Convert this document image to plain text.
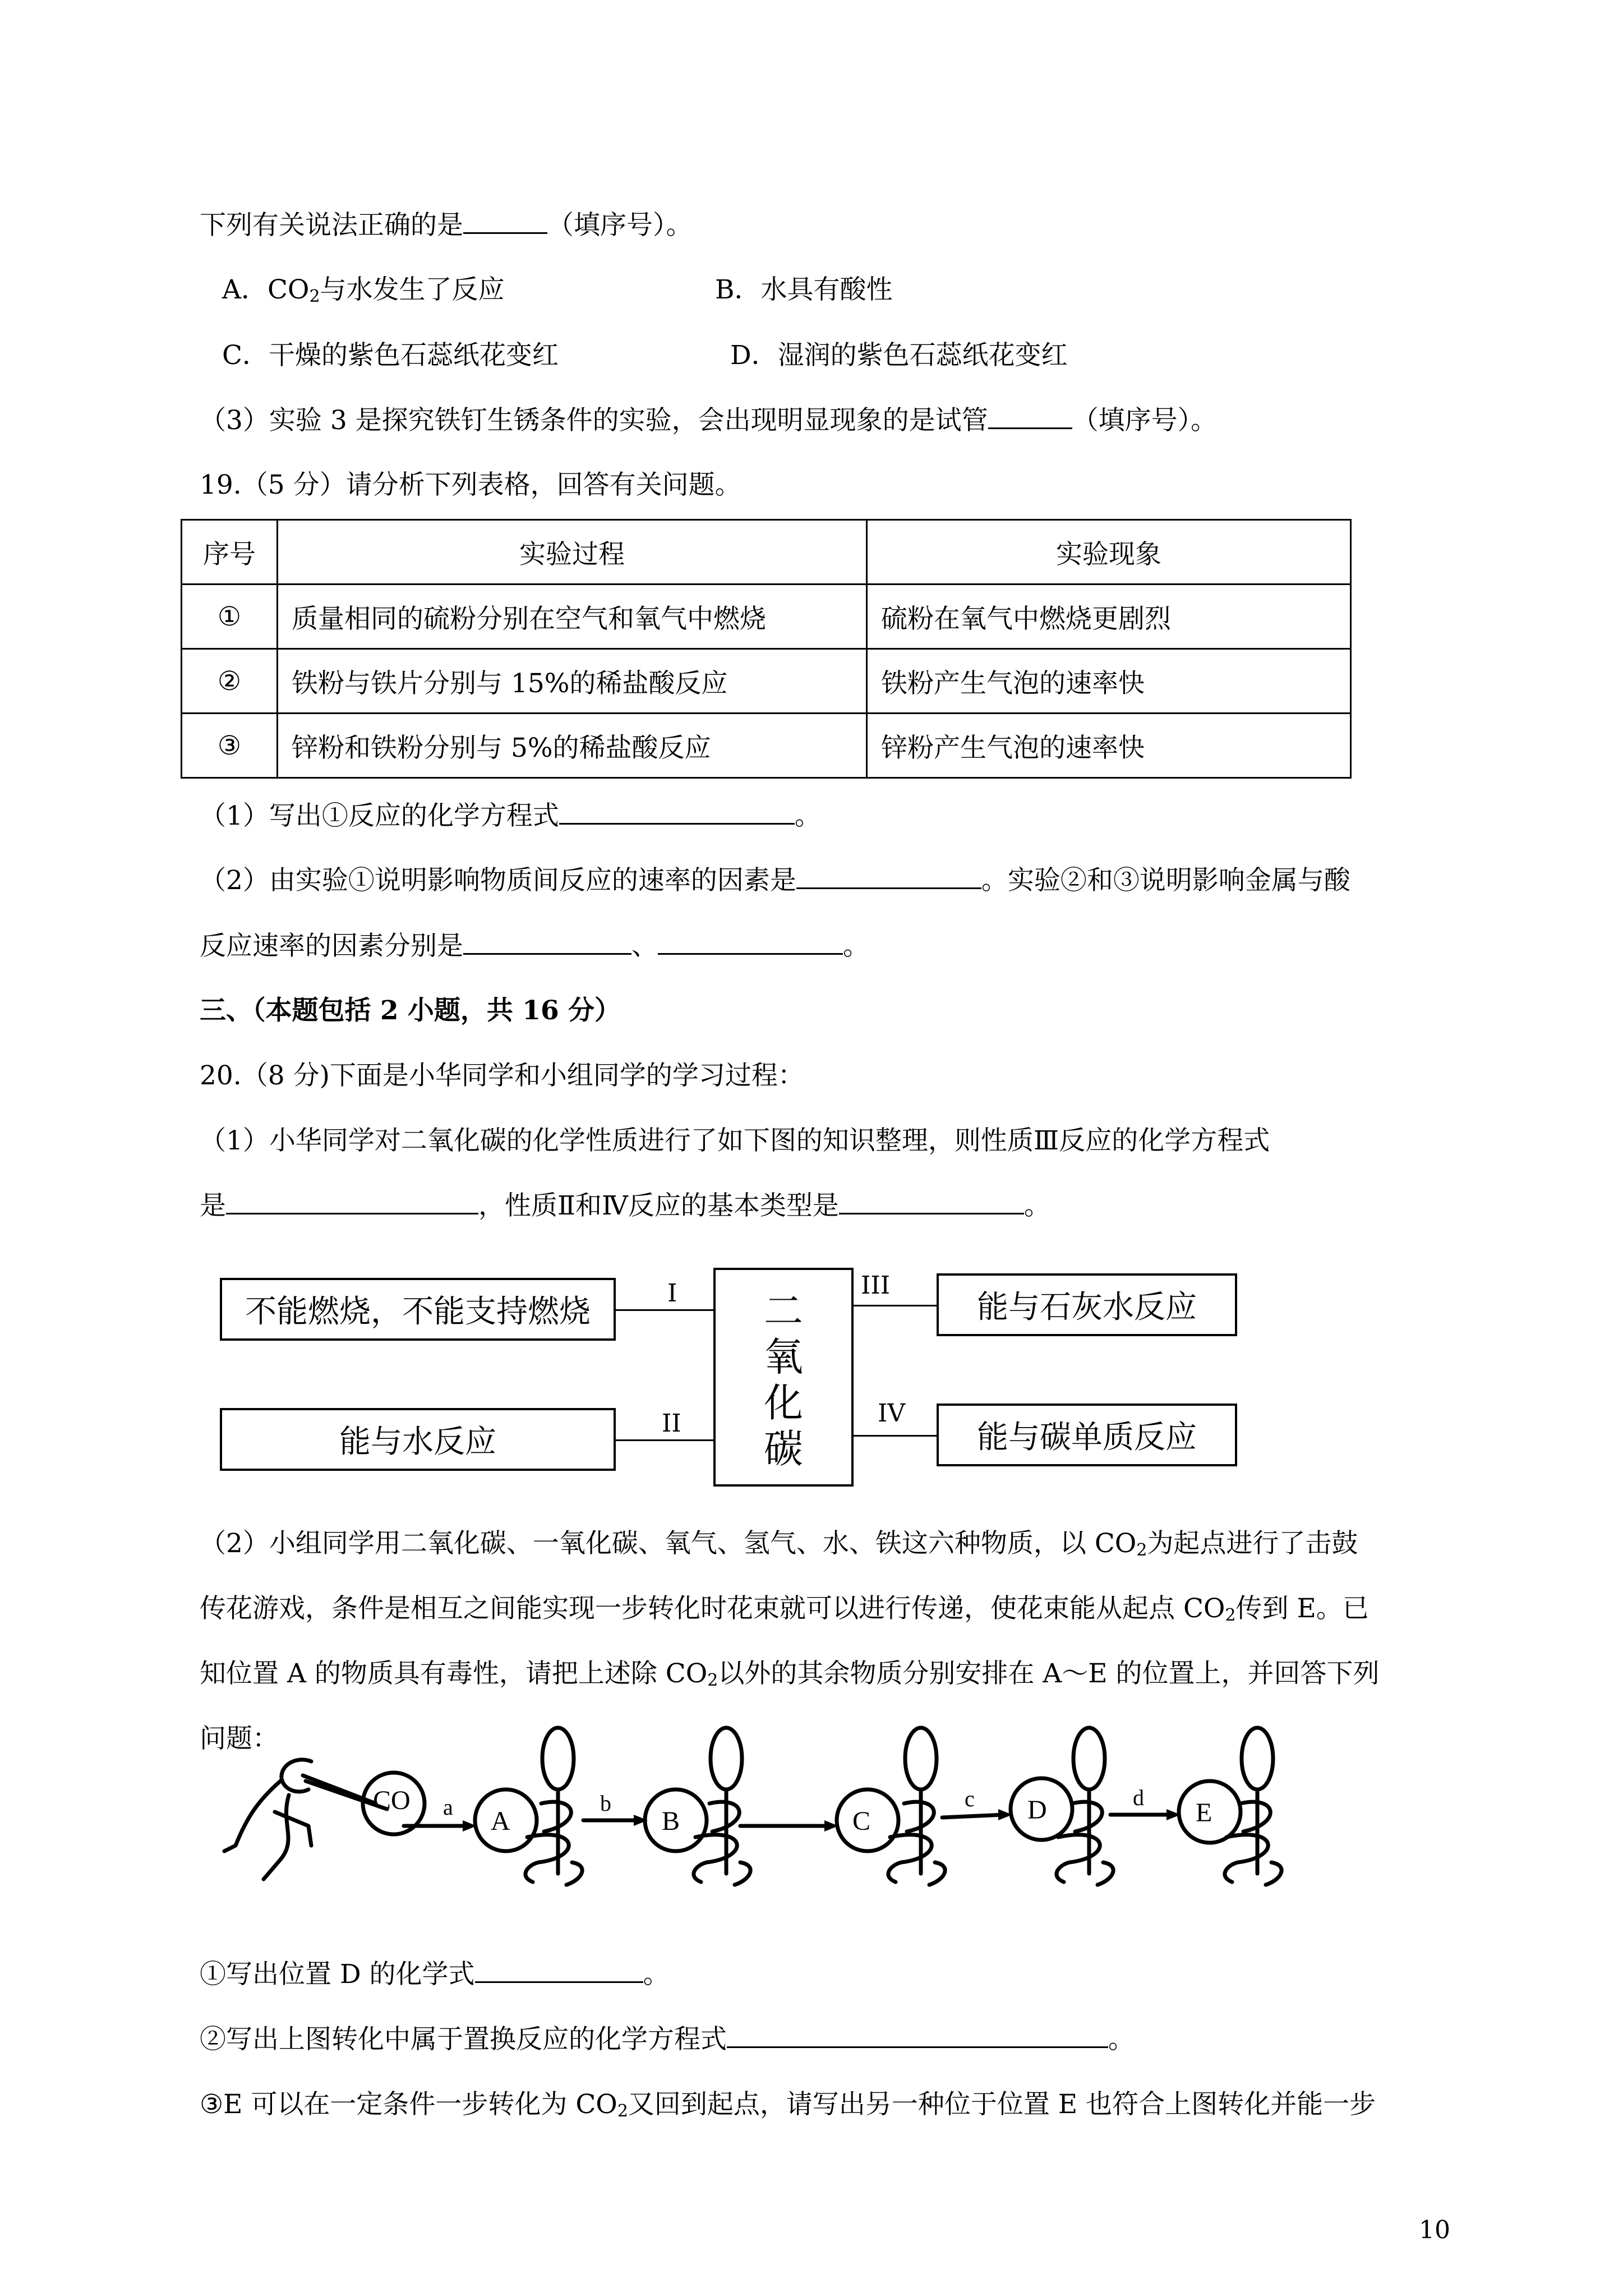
下列有关说法正确的是	（填序号）。
A．$CO_2$与水发生了反应	B．水具有酸性
C．干燥的紫色石蕊纸花变红	D．湿润的紫色石蕊纸花变红
（3）实验 3 是探究铁钉生锈条件的实验，会出现明显现象的是试管	（填序号）。
19.（5 分）请分析下列表格，回答有关问题。
序号	实验过程	实验现象
①	质量相同的硫粉分别在空气和氧气中燃烧	硫粉在氧气中燃烧更剧烈
②	铁粉与铁片分别与 15%的稀盐酸反应	铁粉产生气泡的速率快
③	锌粉和铁粉分别与 5%的稀盐酸反应	锌粉产生气泡的速率快
（1）写出①反应的化学方程式	。
（2）由实验①说明影响物质间反应的速率的因素是	。实验②和③说明影响金属与酸
反应速率的因素分别是	、	。
三、（本题包括 2 小题，共 16 分）
20.（8 分)下面是小华同学和小组同学的学习过程：
（1）小华同学对二氧化碳的化学性质进行了如下图的知识整理，则性质Ⅲ反应的化学方程式
是	，性质Ⅱ和Ⅳ反应的基本类型是	。
不能燃烧，不能支持燃烧
能与水反应
能与石灰水反应
能与碳单质反应
二
氧
化
碳
I
II
III
IV
（2）小组同学用二氧化碳、一氧化碳、氧气、氢气、水、铁这六种物质，以 $CO_2$为起点进行了击鼓
传花游戏，条件是相互之间能实现一步转化时花束就可以进行传递，使花束能从起点 $CO_2$传到 E。已
知位置 A 的物质具有毒性，请把上述除 $CO_2$以外的其余物质分别安排在 A～E 的位置上，并回答下列
问题：
CO
A	B	C	D	E
a	b	c	d
①写出位置 D 的化学式	。
②写出上图转化中属于置换反应的化学方程式	。
③E 可以在一定条件一步转化为 $CO_2$又回到起点，请写出另一种位于位置 E 也符合上图转化并能一步
10
